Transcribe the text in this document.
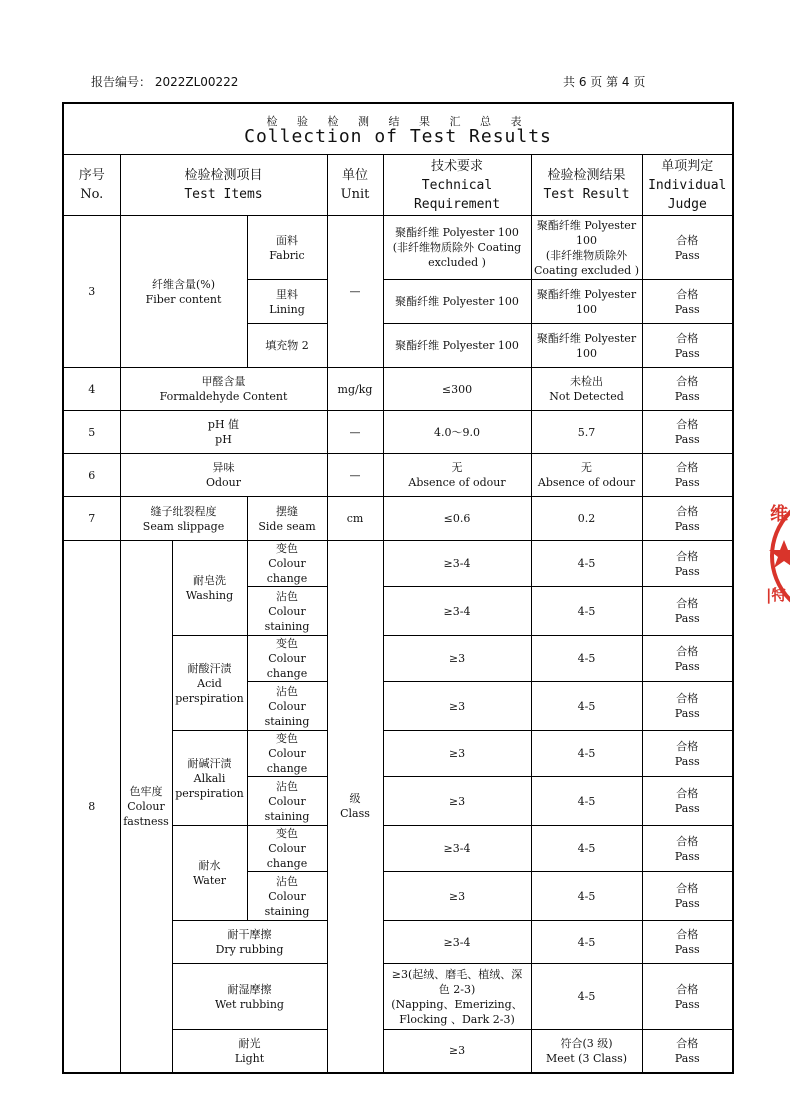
报告编号： 2022ZL00222	共 6 页 第 4 页
检 验 检 测 结 果 汇 总 表
Collection of Test Results							

序号
No.	检验检测项目
Test Items			单位
Unit	技术要求
Technical
Requirement	检验检测结果
Test Result	单项判定
Individual
Judge

3	纤维含量(%)
Fiber content		面料
Fabric	—	聚酯纤维 Polyester 100
(非纤维物质除外 Coating
excluded )	聚酯纤维 Polyester
100
(非纤维物质除外
Coating excluded )	合格
Pass

			里料
Lining		聚酯纤维 Polyester 100	聚酯纤维 Polyester
100	合格
Pass

			填充物 2		聚酯纤维 Polyester 100	聚酯纤维 Polyester
100	合格
Pass

4	甲醛含量
Formaldehyde Content			mg/kg	≤300	未检出
Not Detected	合格
Pass

5	pH 值
pH			—	4.0～9.0	5.7	合格
Pass

6	异味
Odour			—	无
Absence of odour	无
Absence of odour	合格
Pass

7	缝子纰裂程度
Seam slippage		摆缝
Side seam	cm	≤0.6	0.2	合格
Pass

8	色牢度
Colour
fastness	耐皂洗
Washing	变色
Colour change	级
Class	≥3-4	4-5	合格
Pass

			沾色
Colour
staining		≥3-4	4-5	合格
Pass

		耐酸汗渍
Acid
perspiration	变色
Colour change		≥3	4-5	合格
Pass

			沾色
Colour
staining		≥3	4-5	合格
Pass

		耐碱汗渍
Alkali
perspiration	变色
Colour change		≥3	4-5	合格
Pass

			沾色
Colour
staining		≥3	4-5	合格
Pass

		耐水
Water	变色
Colour change		≥3-4	4-5	合格
Pass

			沾色
Colour
staining		≥3	4-5	合格
Pass

		耐干摩擦
Dry rubbing			≥3-4	4-5	合格
Pass

		耐湿摩擦
Wet rubbing			≥3(起绒、磨毛、植绒、深
色 2-3)
(Napping、Emerizing、
Flocking 、Dark 2-3)	4-5	合格
Pass

		耐光
Light			≥3	符合(3 级)
Meet (3 Class)	合格
Pass
维
|特
